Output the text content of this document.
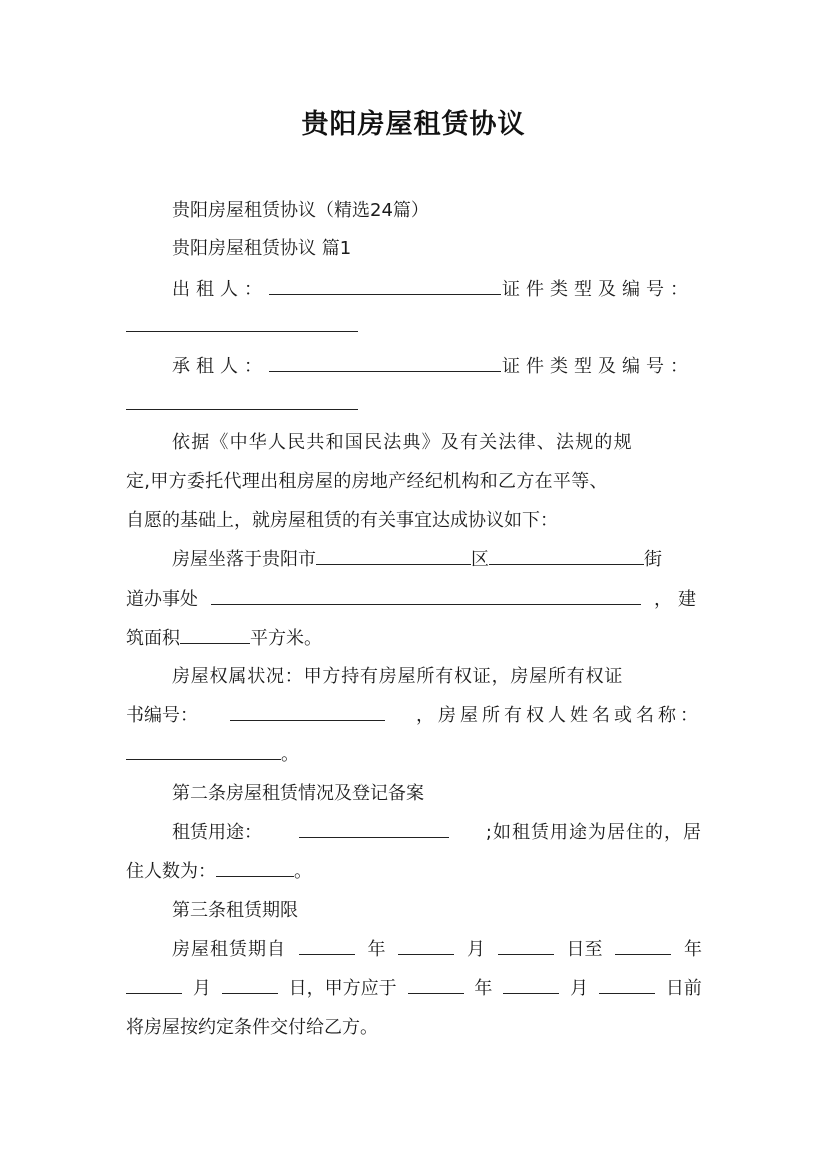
贵阳房屋租赁协议
贵阳房屋租赁协议（精选24篇）
贵阳房屋租赁协议 篇1
出租人：	证件类型及编号：
承租人：	证件类型及编号：
依据《中华人民共和国民法典》及有关法律、法规的规
定,甲方委托代理出租房屋的房地产经纪机构和乙方在平等、
自愿的基础上，就房屋租赁的有关事宜达成协议如下：
房屋坐落于贵阳市	区	街
道办事处	，建
筑面积	平方米。
房屋权属状况：甲方持有房屋所有权证，房屋所有权证
书编号：	，房屋所有权人姓名或名称：
。
第二条房屋租赁情况及登记备案
租赁用途：	;如租赁用途为居住的，居
住人数为：	。
第三条租赁期限
房屋租赁期自	年	月	日至	年
月	日，甲方应于	年	月	日前
将房屋按约定条件交付给乙方。
